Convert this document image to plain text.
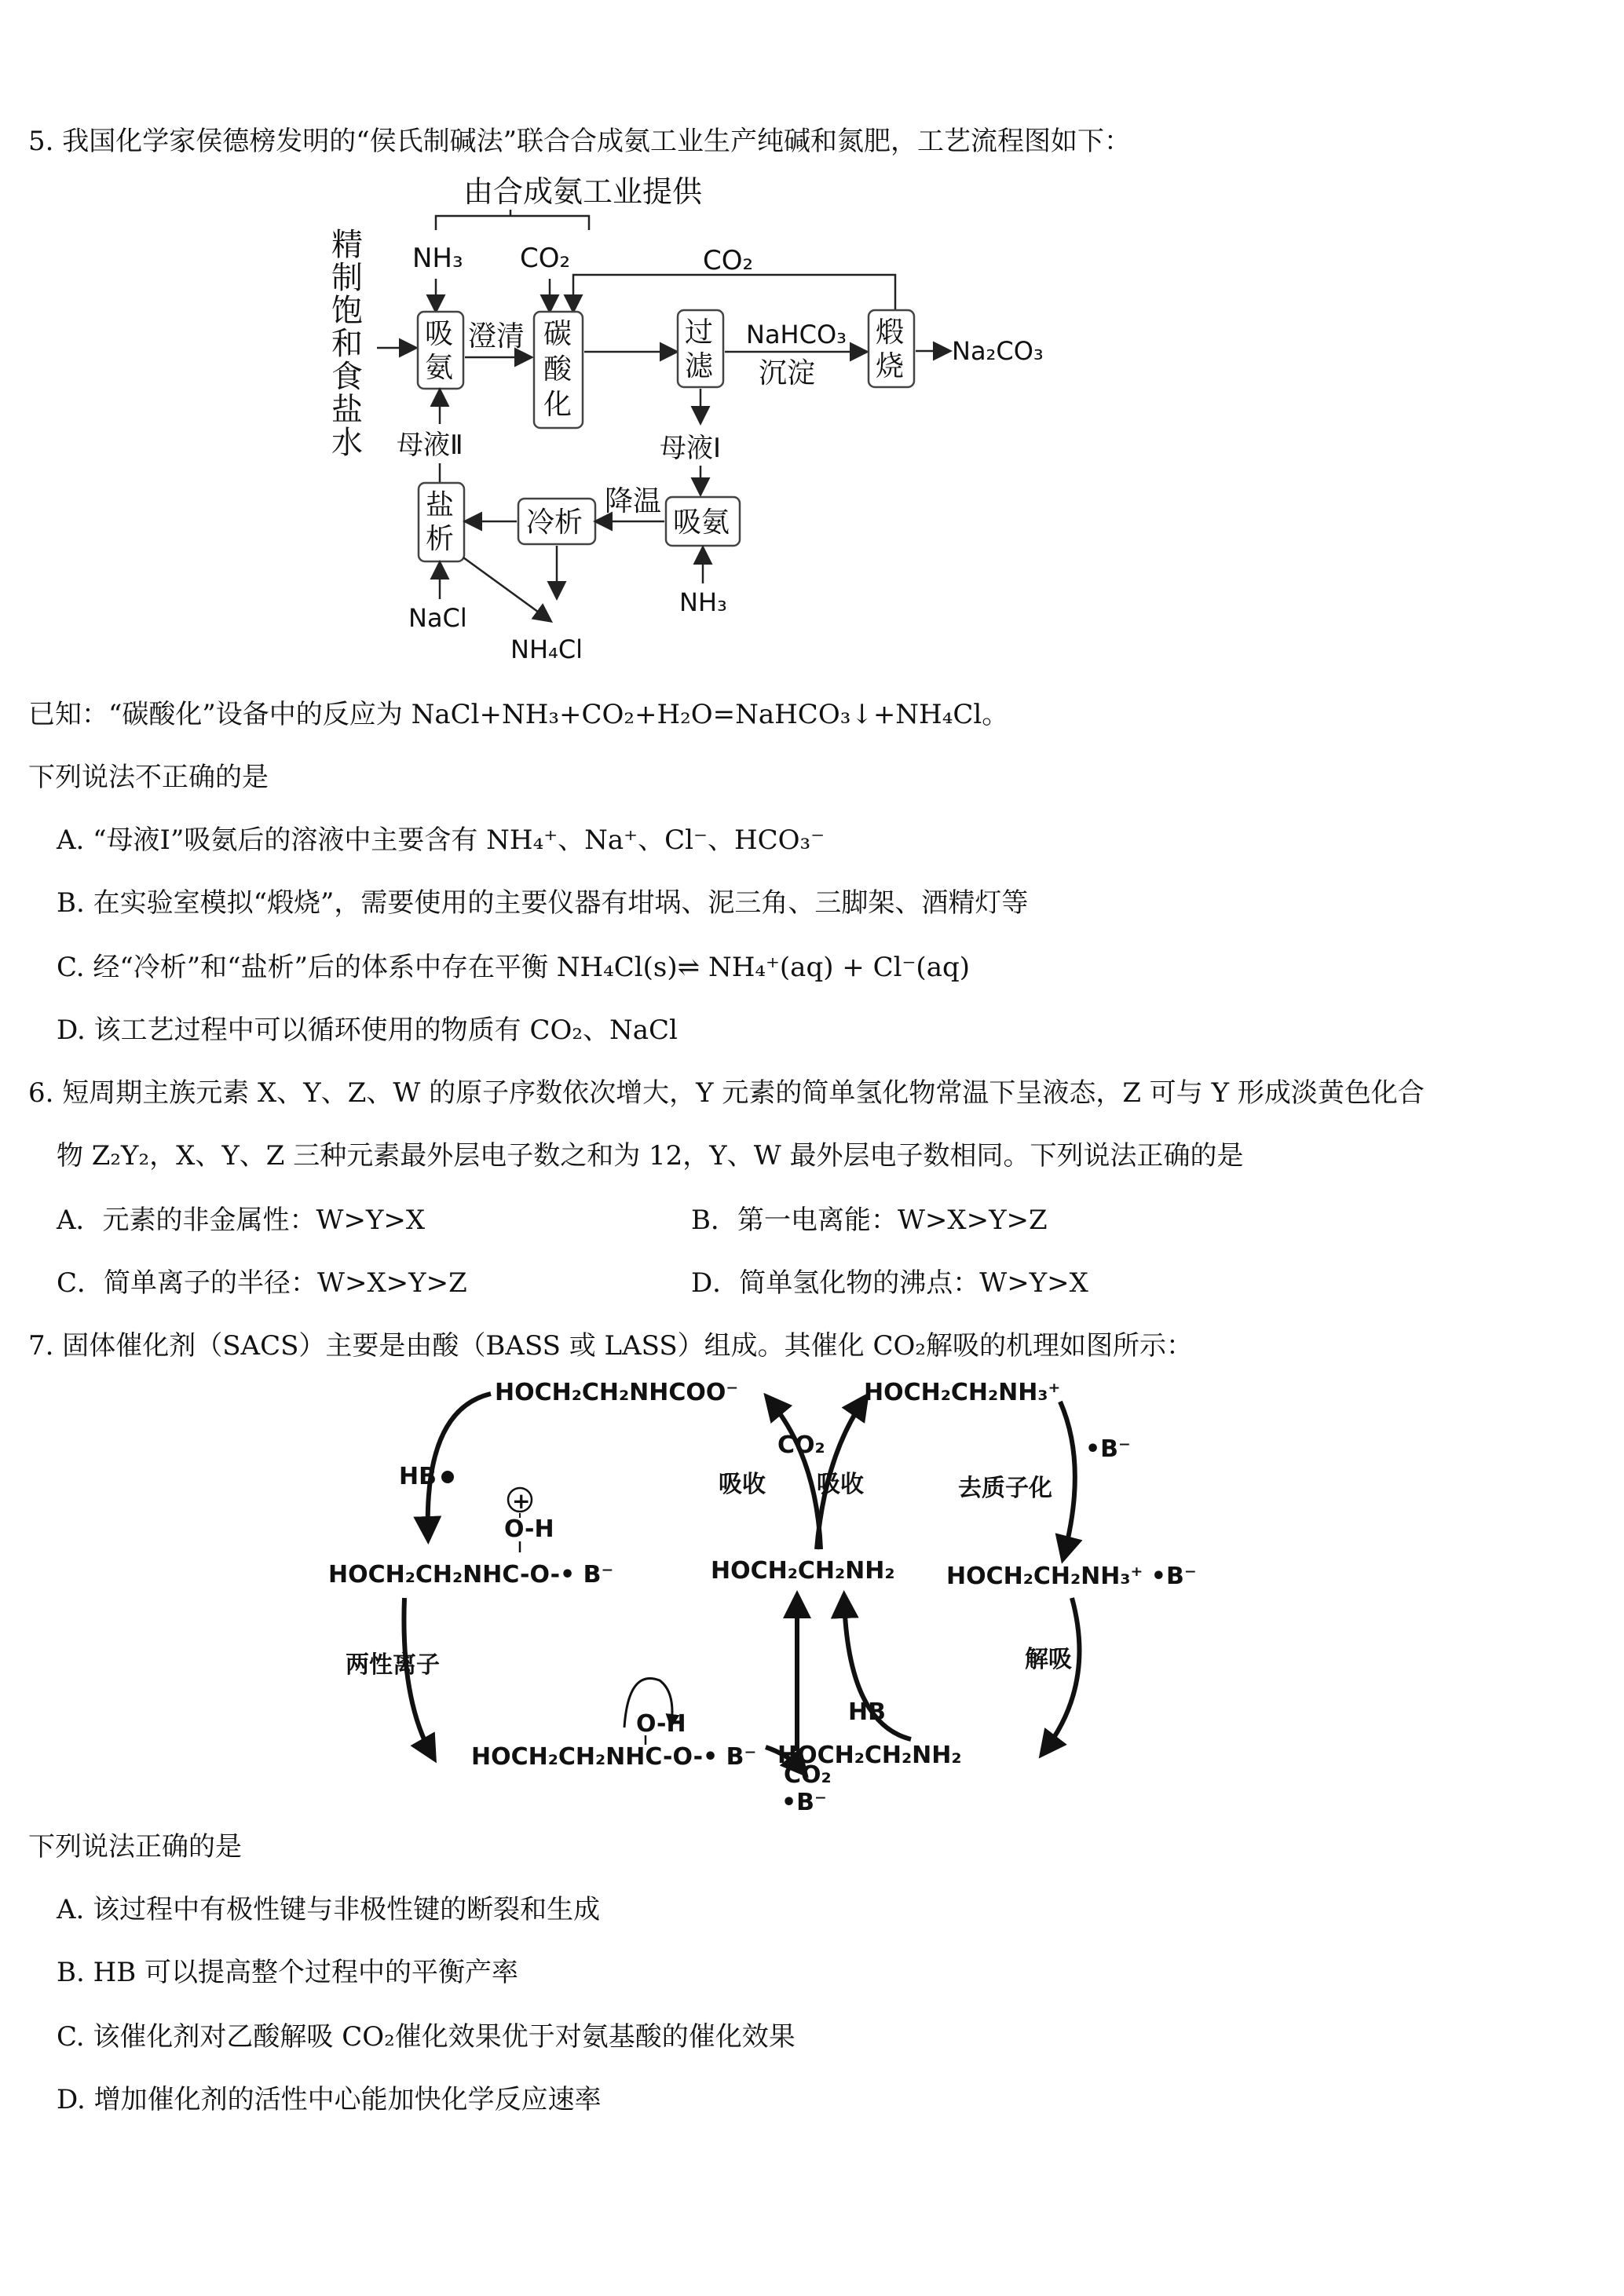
5. 我国化学家侯德榜发明的“侯氏制碱法”联合合成氨工业生产纯碱和氮肥，工艺流程图如下：
由合成氨工业提供
NH₃ CO₂	CO₂
精
制
饱
和
食
盐
水
吸
氨
澄清 碳
酸
化
过
滤
NaHCO₃
沉淀
煅
烧 Na₂CO₃
母液Ⅱ	母液Ⅰ
盐
析
冷析	吸氨
降温
NaCl
NH₄Cl
NH₃
已知：“碳酸化”设备中的反应为 NaCl+NH₃+CO₂+H₂O=NaHCO₃↓+NH₄Cl。
下列说法不正确的是
A. “母液Ⅰ”吸氨后的溶液中主要含有 NH₄⁺、Na⁺、Cl⁻、HCO₃⁻
B. 在实验室模拟“煅烧”，需要使用的主要仪器有坩埚、泥三角、三脚架、酒精灯等
C. 经“冷析”和“盐析”后的体系中存在平衡 NH₄Cl(s)⇌ NH₄⁺(aq) + Cl⁻(aq)
D. 该工艺过程中可以循环使用的物质有 CO₂、NaCl
6. 短周期主族元素 X、Y、Z、W 的原子序数依次增大，Y 元素的简单氢化物常温下呈液态，Z 可与 Y 形成淡黄色化合
物 Z₂Y₂，X、Y、Z 三种元素最外层电子数之和为 12，Y、W 最外层电子数相同。下列说法正确的是
A．元素的非金属性：W>Y>X	B．第一电离能：W>X>Y>Z
C．简单离子的半径：W>X>Y>Z	D．简单氢化物的沸点：W>Y>X
7. 固体催化剂（SACS）主要是由酸（BASS 或 LASS）组成。其催化 CO₂解吸的机理如图所示：
HOCH₂CH₂NHCOO⁻	HOCH₂CH₂NH₃⁺
HB
O-H
HOCH₂CH₂NHC-O-• B⁻	HOCH₂CH₂NH₂
CO₂
吸收 吸收
•B⁻
去质子化
HOCH₂CH₂NH₃⁺ •B⁻
两性离子	解吸
O-H	HB
HOCH₂CH₂NHC-O-• B⁻ HOCH₂CH₂NH₂
CO₂
•B⁻
+
下列说法正确的是
A. 该过程中有极性键与非极性键的断裂和生成
B. HB 可以提高整个过程中的平衡产率
C. 该催化剂对乙酸解吸 CO₂催化效果优于对氨基酸的催化效果
D. 增加催化剂的活性中心能加快化学反应速率
